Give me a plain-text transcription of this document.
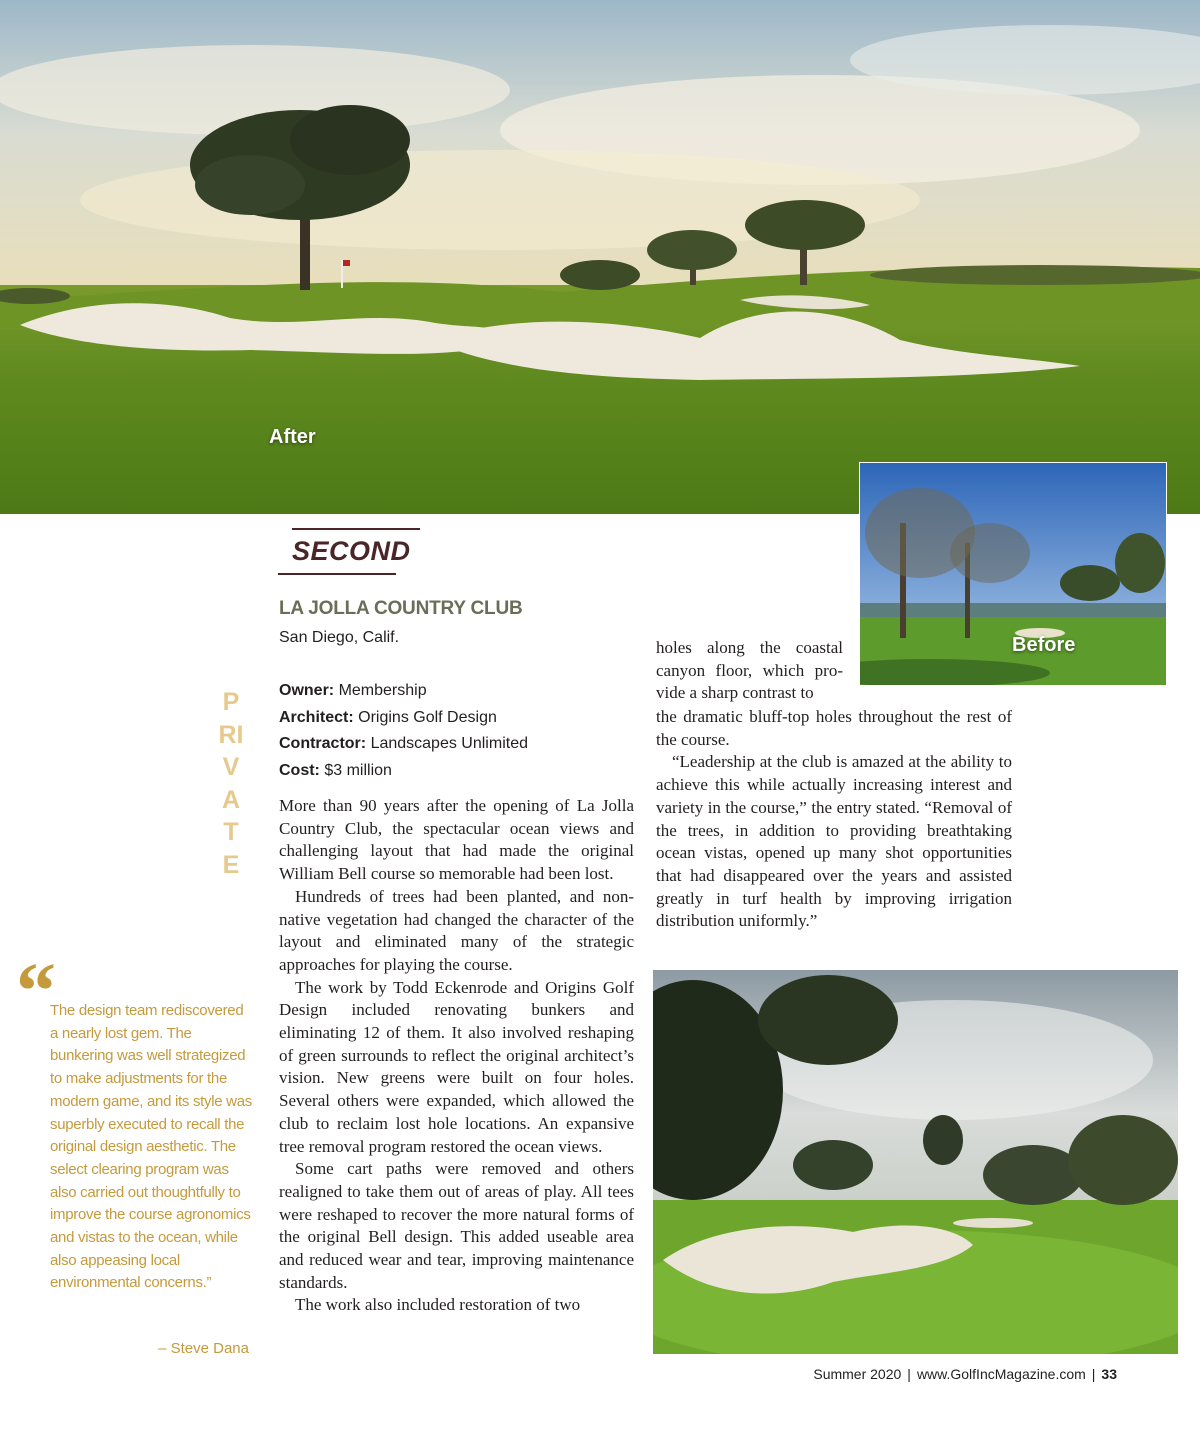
After
Before
SECOND
LA JOLLA COUNTRY CLUB
San Diego, Calif.
Owner: Membership
Architect: Origins Golf Design
Contractor: Landscapes Unlimited
Cost: $3 million
PRIVATE
“
The design team rediscovered a nearly lost gem. The bunkering was well strategized to make adjustments for the modern game, and its style was superbly executed to recall the original design aesthetic. The select clearing program was also carried out thoughtfully to improve the course agronomics and vistas to the ocean, while also appeasing local environmental concerns.”
– Steve Dana

More than 90 years after the opening of La Jolla Country Club, the spectacular ocean views and challenging layout that had made the original William Bell course so memorable had been lost.

Hundreds of trees had been planted, and non-native vegetation had changed the character of the layout and eliminated many of the strategic approaches for playing the course.

The work by Todd Eckenrode and Origins Golf Design included renovating bunkers and eliminating 12 of them. It also involved reshaping of green surrounds to reflect the original architect’s vision. New greens were built on four holes. Several others were expanded, which allowed the club to reclaim lost hole locations. An expansive tree removal program restored the ocean views.

Some cart paths were removed and others realigned to take them out of areas of play. All tees were reshaped to recover the more natural forms of the original Bell design. This added useable area and reduced wear and tear, improving maintenance standards.

The work also included restoration of two

holes along the coastal canyon floor, which provide a sharp contrast to

the dramatic bluff-top holes throughout the rest of the course.

“Leadership at the club is amazed at the ability to achieve this while actually increasing interest and variety in the course,” the entry stated. “Removal of the trees, in addition to providing breathtaking ocean vistas, opened up many shot opportunities that had disappeared over the years and assisted greatly in turf health by improving irrigation distribution uniformly.”

Summer 2020 | www.GolfIncMagazine.com | 33
